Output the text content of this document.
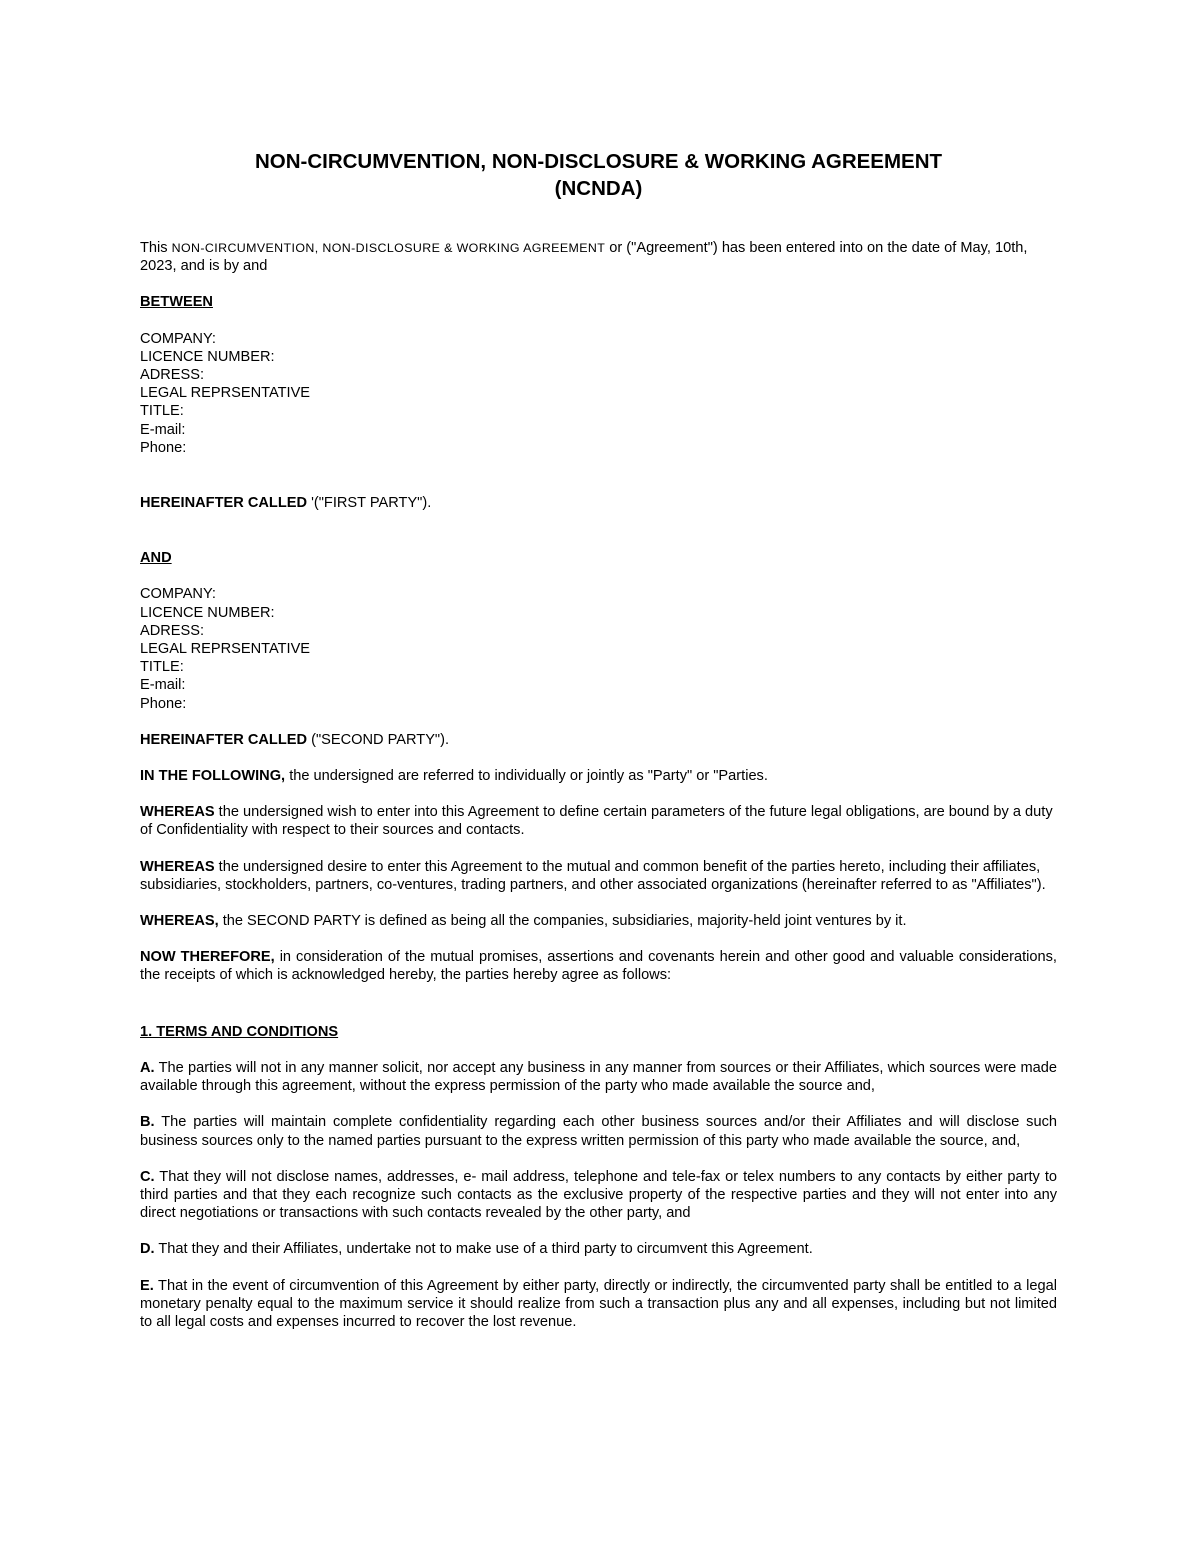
NON-CIRCUMVENTION, NON-DISCLOSURE & WORKING AGREEMENT
(NCNDA)

This NON-CIRCUMVENTION, NON-DISCLOSURE & WORKING AGREEMENT or ("Agreement") has been entered into on the date of May, 10th, 2023, and is by and

BETWEEN

COMPANY:
LICENCE NUMBER:
ADRESS:
LEGAL REPRSENTATIVE
TITLE:
E-mail:
Phone:

HEREINAFTER CALLED '("FIRST PARTY").

AND

COMPANY:
LICENCE NUMBER:
ADRESS:
LEGAL REPRSENTATIVE
TITLE:
E-mail:
Phone:

HEREINAFTER CALLED ("SECOND PARTY").

IN THE FOLLOWING, the undersigned are referred to individually or jointly as "Party" or "Parties.

WHEREAS the undersigned wish to enter into this Agreement to define certain parameters of the future legal obligations, are bound by a duty of Confidentiality with respect to their sources and contacts.

WHEREAS the undersigned desire to enter this Agreement to the mutual and common benefit of the parties hereto, including their affiliates, subsidiaries, stockholders, partners, co-ventures, trading partners, and other associated organizations (hereinafter referred to as "Affiliates").

WHEREAS, the SECOND PARTY is defined as being all the companies, subsidiaries, majority-held joint ventures by it.

NOW THEREFORE, in consideration of the mutual promises, assertions and covenants herein and other good and valuable considerations, the receipts of which is acknowledged hereby, the parties hereby agree as follows:

1. TERMS AND CONDITIONS

A. The parties will not in any manner solicit, nor accept any business in any manner from sources or their Affiliates, which sources were made available through this agreement, without the express permission of the party who made available the source and,

B. The parties will maintain complete confidentiality regarding each other business sources and/or their Affiliates and will disclose such business sources only to the named parties pursuant to the express written permission of this party who made available the source, and,

C. That they will not disclose names, addresses, e- mail address, telephone and tele-fax or telex numbers to any contacts by either party to third parties and that they each recognize such contacts as the exclusive property of the respective parties and they will not enter into any direct negotiations or transactions with such contacts revealed by the other party, and

D. That they and their Affiliates, undertake not to make use of a third party to circumvent this Agreement.

E. That in the event of circumvention of this Agreement by either party, directly or indirectly, the circumvented party shall be entitled to a legal monetary penalty equal to the maximum service it should realize from such a transaction plus any and all expenses, including but not limited to all legal costs and expenses incurred to recover the lost revenue.
